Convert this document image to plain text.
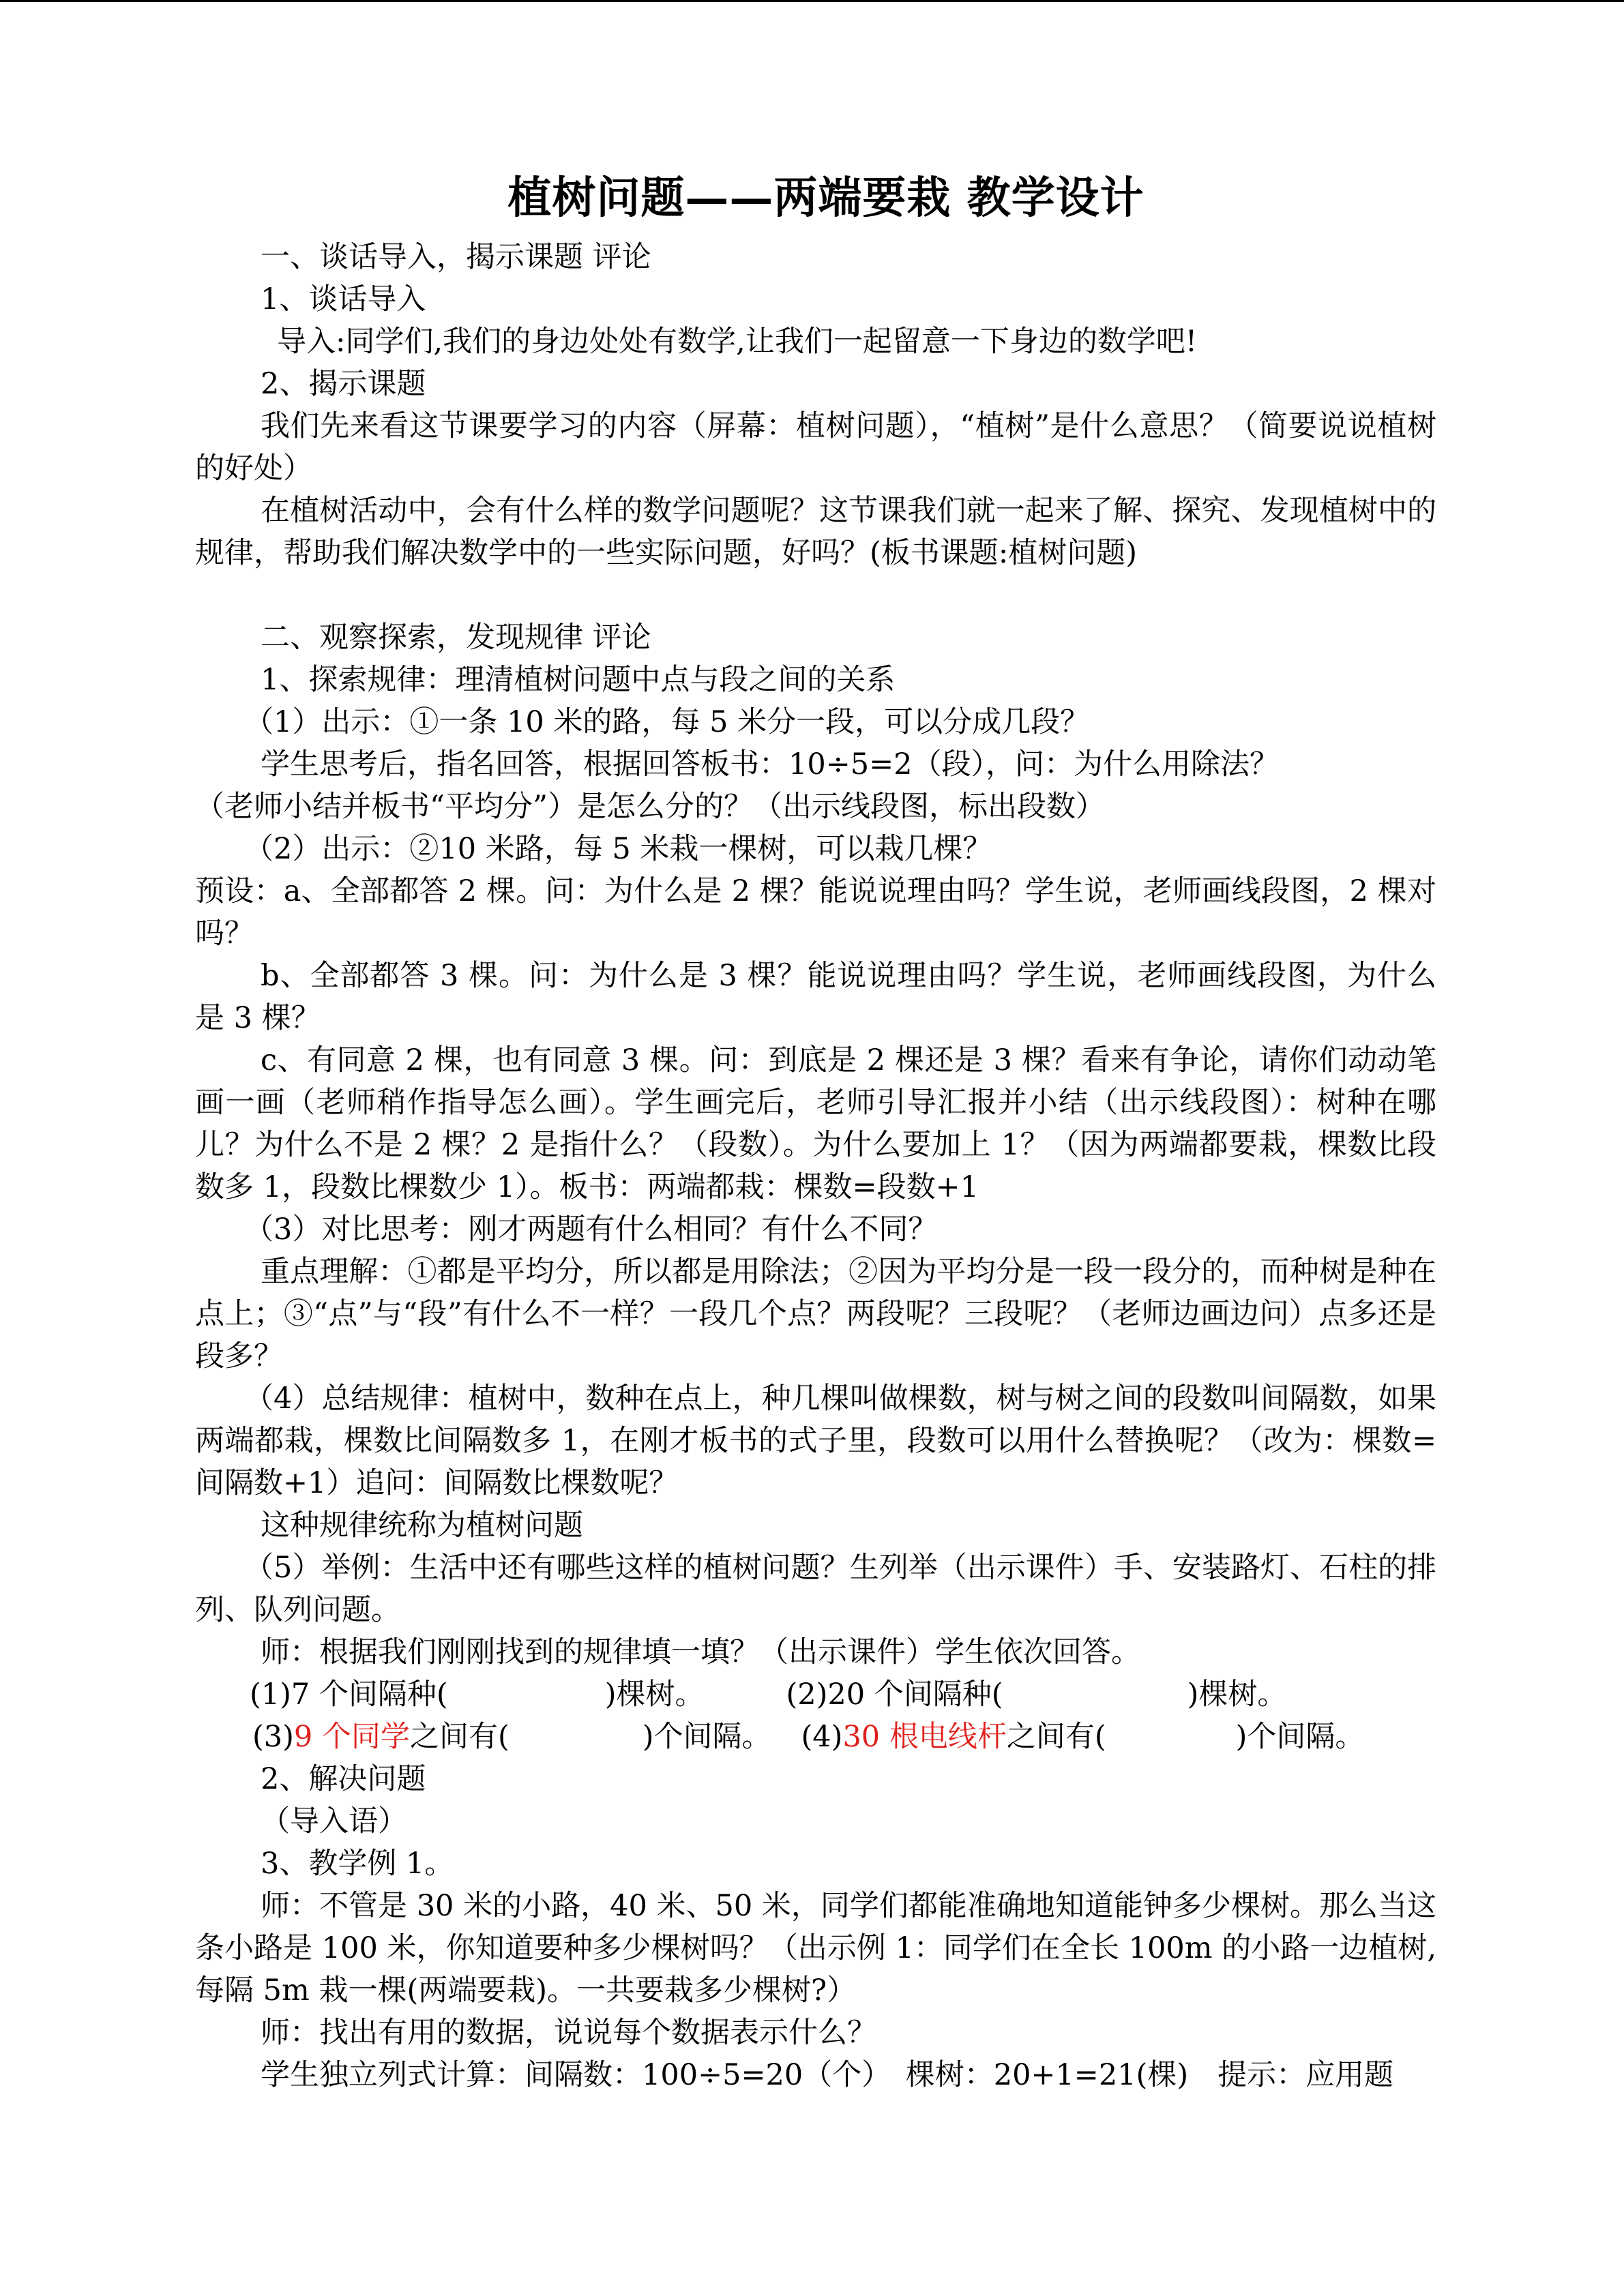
植树问题——两端要栽 教学设计

一、谈话导入，揭示课题 评论

1、谈话导入

导入:同学们,我们的身边处处有数学,让我们一起留意一下身边的数学吧!

2、揭示课题

我们先来看这节课要学习的内容（屏幕：植树问题），“植树”是什么意思？（简要说说植树的好处）

在植树活动中，会有什么样的数学问题呢？这节课我们就一起来了解、探究、发现植树中的规律，帮助我们解决数学中的一些实际问题，好吗？(板书课题:植树问题)

二、观察探索，发现规律 评论

1、探索规律：理清植树问题中点与段之间的关系

（1）出示：①一条 10 米的路，每 5 米分一段，可以分成几段？

学生思考后，指名回答，根据回答板书：10÷5=2（段），问：为什么用除法？

（老师小结并板书“平均分”）是怎么分的？（出示线段图，标出段数）

（2）出示：②10 米路，每 5 米栽一棵树，可以栽几棵？

预设：a、全部都答 2 棵。问：为什么是 2 棵？能说说理由吗？学生说，老师画线段图，2 棵对吗？

b、全部都答 3 棵。问：为什么是 3 棵？能说说理由吗？学生说，老师画线段图，为什么是 3 棵？

c、有同意 2 棵，也有同意 3 棵。问：到底是 2 棵还是 3 棵？看来有争论，请你们动动笔画一画（老师稍作指导怎么画）。学生画完后，老师引导汇报并小结（出示线段图）：树种在哪儿？为什么不是 2 棵？2 是指什么？（段数）。为什么要加上 1？（因为两端都要栽，棵数比段数多 1，段数比棵数少 1）。板书：两端都栽：棵数=段数+1

（3）对比思考：刚才两题有什么相同？有什么不同？

重点理解：①都是平均分，所以都是用除法；②因为平均分是一段一段分的，而种树是种在点上；③“点”与“段”有什么不一样？一段几个点？两段呢？三段呢？（老师边画边问）点多还是段多？

（4）总结规律：植树中，数种在点上，种几棵叫做棵数，树与树之间的段数叫间隔数，如果两端都栽，棵数比间隔数多 1，在刚才板书的式子里，段数可以用什么替换呢？（改为：棵数=间隔数+1）追问：间隔数比棵数呢？

这种规律统称为植树问题

（5）举例：生活中还有哪些这样的植树问题？生列举（出示课件）手、安装路灯、石柱的排列、队列问题。

师：根据我们刚刚找到的规律填一填？（出示课件）学生依次回答。

(1)7 个间隔种(	)棵树。	(2)20 个间隔种(	)棵树。

(3)9 个同学之间有(	)个间隔。 (4)30 根电线杆之间有(	)个间隔。

2、解决问题

（导入语）

3、教学例 1。

师：不管是 30 米的小路，40 米、50 米，同学们都能准确地知道能钟多少棵树。那么当这条小路是 100 米，你知道要种多少棵树吗？（出示例 1：同学们在全长 100m 的小路一边植树,每隔 5m 栽一棵(两端要栽)。一共要栽多少棵树?）

师：找出有用的数据，说说每个数据表示什么？

学生独立列式计算：间隔数：100÷5=20（个）　棵树：20+1=21(棵)　提示：应用题
